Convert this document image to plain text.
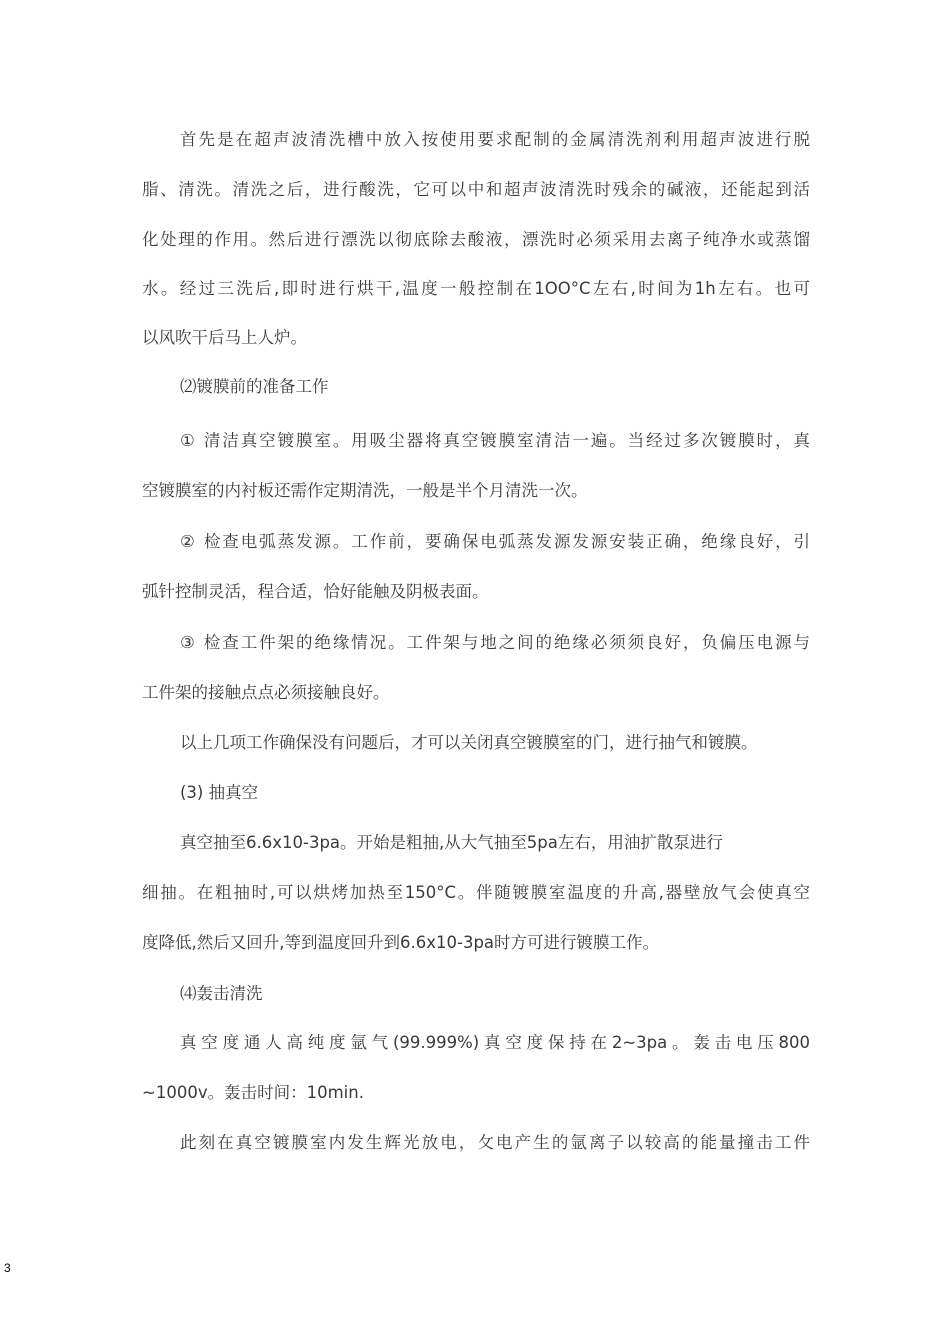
首先是在超声波清洗槽中放入按使用要求配制的金属清洗剂利用超声波进行脱
脂、清洗。清洗之后，进行酸洗，它可以中和超声波清洗时残余的碱液，还能起到活
化处理的作用。然后进行漂洗以彻底除去酸液，漂洗时必须采用去离子纯净水或蒸馏
水。经过三洗后,即时进行烘干,温度一般控制在1OO°C左右,时间为1h左右。也可
以风吹干后马上人炉。
⑵镀膜前的准备工作
① 清洁真空镀膜室。用吸尘器将真空镀膜室清洁一遍。当经过多次镀膜时，真
空镀膜室的内衬板还需作定期清洗，一般是半个月清洗一次。
② 检查电弧蒸发源。工作前，要确保电弧蒸发源发源安装正确，绝缘良好，引
弧针控制灵活，程合适，恰好能触及阴极表面。
③ 检查工件架的绝缘情况。工件架与地之间的绝缘必须须良好，负偏压电源与
工件架的接触点点必须接触良好。
以上几项工作确保没有问题后，才可以关闭真空镀膜室的门，进行抽气和镀膜。
(3) 抽真空
真空抽至6.6x10-3pa。开始是粗抽,从大气抽至5pa左右，用油扩散泵进行
细抽。在粗抽时,可以烘烤加热至150°C。伴随镀膜室温度的升高,器壁放气会使真空
度降低,然后又回升,等到温度回升到6.6x10-3pa时方可进行镀膜工作。
⑷轰击清洗
真空度通人高纯度氩气(99.999%)真空度保持在2~3pa。轰击电压800
~1000v。轰击时间：10min.
此刻在真空镀膜室内发生辉光放电，攵电产生的氩离子以较高的能量撞击工件
3
